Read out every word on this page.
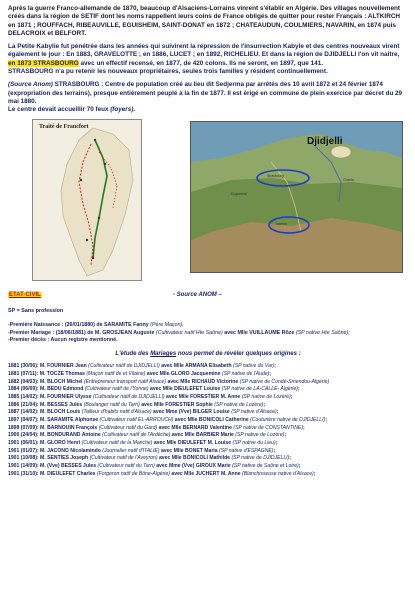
Après la guerre Franco-allemande de 1870, beaucoup d'Alsaciens-Lorrains vinrent s'établir en Algérie. Des villages nouvellement créés dans la région de SETIF dont les noms rappellent leurs coins de France obligés de quitter pour rester Français : ALTKIRCH en 1871 ; ROUFFACH, RIBEAUVILLE, EGUISHEIM, SAINT-DONAT en 1872 ; CHATEAUDUN, COULMIERS, NAVARIN, en 1874 puis DELACROIX et BELFORT.

La Petite Kabylie fut pénétrée dans les années qui suivirent la répression de l'insurrection Kabyle et des centres nouveaux virent également le jour : En 1883, GRAVELOTTE ; en 1886, LUCET ; en 1892, RICHELIEU. Et dans la région de DJIDJELLI l'on vit naitre, en 1873 STRASBOURG avec un effectif recensé, en 1877, de 420 colons. Ils ne seront, en 1897, que 141.
STRASBOURG n'a pu retenir les nouveaux propriétaires, seules trois familles y résident continuellement.

(Source Anom) STRASBOURG : Centre de population créé au lieu dit Sedjerma par arrêtés des 10 avril 1872 et 24 février 1874 (expropriation des terrains), presque entièrement peuplé à la fin de 1877. Il est érigé en commune de plein exercice par décret du 29 mai 1880.
Le centre devait accueillir 70 feux (foyers).

Traité de Francfort
Djidjelli
Chekfa
Duquesne
Strasbourg
Tazerna
ETAT-CIVIL	- Source ANOM –
SP = Sans profession
-Première Naissance : (26/01/1880) de SARAMITE Fanny (Père Maçon).
-Premier Mariage : (18/06/1881) de M. GROSJEAN Auguste (Cultivateur natif Hte Saône) avec Mlle VUILLAUME Rôze (SP native Hte Saône);
-Premier décès : Aucun registre mentionné.
L'étude des Mariages nous permet de révéler quelques origines :
1881 (30/06): M. FOURNIER Jean (Cultivateur natif de DJIDJELLI) avec Mlle ARMANA Elisabeth (SP native du Var);
1881 (07/11): M. TOCZE Thomas (Maçon natif de et Vilaine) avec Mlle GLORO Jacquemine (SP native de l'Aude);
1882 (04/03): M. BLOCH Michel (Entrepreneur transport natif Alsace) avec Mlle RICHAUD Victorine (SP native de Condé-Smendou-Algérie)
1884 (06/09): M. BEDU Edmond (Cultivateur natif de l'Yonne) avec Mlle DIEULEFET Louise (SP native de LA-CALLE- Algérie);
1885 (14/02): M. FOURNIER Ulysse (Cultivateur natif de DJIDJELLI) avec Mlle FORESTIER M. Anne (SP native de Lozère);
1886 (21/04): M. BESSES Jules (Boulanger natif du Tarn) avec Mlle FORESTIER Sophie (SP native de Lozère);
1887 (14/02): M. BLOCH Louis (Tailleur d'habits natif d'Alsace) avec Mme (Vve) BILGER Louise (SP native d'Alsace);
1897 (04/07): M. SARAMITE Alphonse (Cultivateur natif EL-ARROUCH) avec Mlle BONICOLI Catherine (Couturière native de DJIDJELLI);
1898 (07/09): M. BARNOUIN François (Cultivateur natif du Gard) avec Mlle BERNARD Valentine (SP native de CONSTANTINE);
1900 (24/04): M. BONDURAND Antoine (Cultivateur natif de l'Ardèche) avec Mlle BARBIER Marie (SP native de Lozère);
1901 (06/01): M. GLORO Henri (Cultivateur natif de la Manche) avec Mlle DIEULEFET M. Louise (SP native du Lieu);
1901 (01/07): M. JACONO Nicolamindo (Journalier natif d'ITALIE) avec Mlle BONET Maria (SP native d'ESPAGNE);
1901 (10/08): M. SENTIES Joseph (Cultivateur natif de l'Aveyron) avec Mlle BONICOLI Mathilde (SP native de DJIDJELLI);
1901 (14/09): M. (Vve) BESSES Jules (Cultivateur natif du Tarn) avec Mme (Vve) GIROUX Marie (SP native de Saône et Loire);
1901 (31/10): M. DIEULEFET Charles (Forgeron natif de Bône-Algérie) avec Mlle JUCHERT M. Anne (Blanchisseuse native d'Alsace);
